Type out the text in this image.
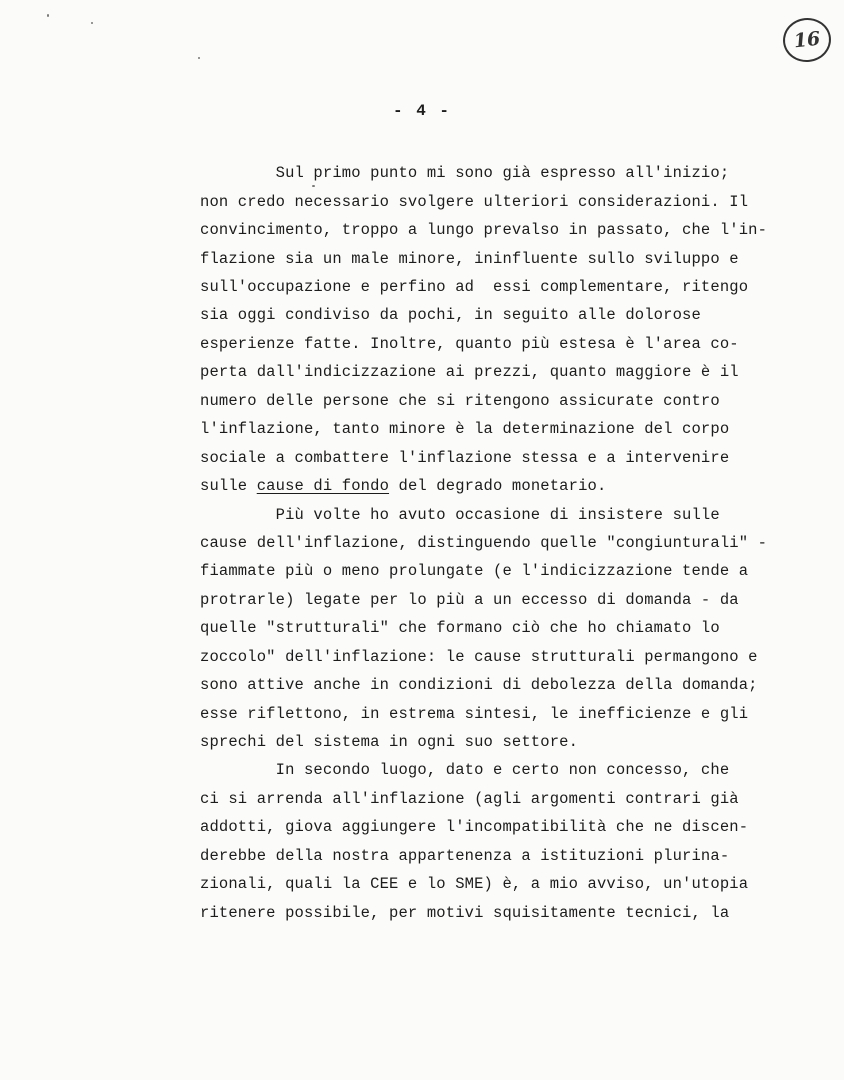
16
- 4 -
Sul primo punto mi sono già espresso all'inizio;
non credo necessario svolgere ulteriori considerazioni. Il
convincimento, troppo a lungo prevalso in passato, che l'in-
flazione sia un male minore, ininfluente sullo sviluppo e
sull'occupazione e perfino ad  essi complementare, ritengo
sia oggi condiviso da pochi, in seguito alle dolorose
esperienze fatte. Inoltre, quanto più estesa è l'area co-
perta dall'indicizzazione ai prezzi, quanto maggiore è il
numero delle persone che si ritengono assicurate contro
l'inflazione, tanto minore è la determinazione del corpo
sociale a combattere l'inflazione stessa e a intervenire
sulle cause di fondo del degrado monetario.
Più volte ho avuto occasione di insistere sulle
cause dell'inflazione, distinguendo quelle "congiunturali" -
fiammate più o meno prolungate (e l'indicizzazione tende a
protrarle) legate per lo più a un eccesso di domanda - da
quelle "strutturali" che formano ciò che ho chiamato lo
zoccolo" dell'inflazione: le cause strutturali permangono e
sono attive anche in condizioni di debolezza della domanda;
esse riflettono, in estrema sintesi, le inefficienze e gli
sprechi del sistema in ogni suo settore.
In secondo luogo, dato e certo non concesso, che
ci si arrenda all'inflazione (agli argomenti contrari già
addotti, giova aggiungere l'incompatibilità che ne discen-
derebbe della nostra appartenenza a istituzioni plurina-
zionali, quali la CEE e lo SME) è, a mio avviso, un'utopia
ritenere possibile, per motivi squisitamente tecnici, la
